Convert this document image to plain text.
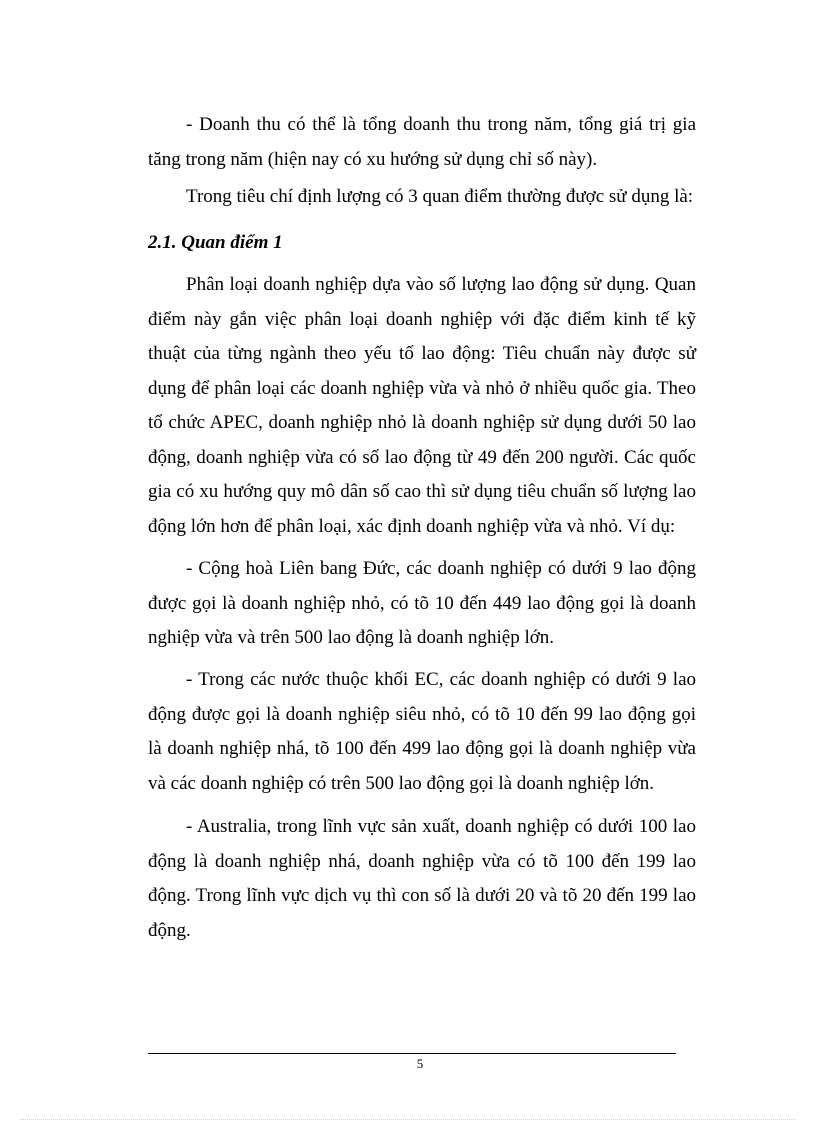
- Doanh thu có thể là tổng doanh thu trong năm, tổng giá trị gia tăng trong năm (hiện nay có xu hướng sử dụng chỉ số này).

Trong tiêu chí định lượng có 3 quan điểm thường được sử dụng là:

2.1. Quan điểm 1

Phân loại doanh nghiệp dựa vào số lượng lao động sử dụng. Quan điểm này gắn việc phân loại doanh nghiệp với đặc điểm kinh tế kỹ thuật của từng ngành theo yếu tố lao động: Tiêu chuẩn này được sử dụng để phân loại các doanh nghiệp vừa và nhỏ ở nhiều quốc gia. Theo tổ chức APEC, doanh nghiệp nhỏ là doanh nghiệp sử dụng dưới 50 lao động, doanh nghiệp vừa có số lao động từ 49 đến 200 người. Các quốc gia có xu hướng quy mô dân số cao thì sử dụng tiêu chuẩn số lượng lao động lớn hơn để phân loại, xác định doanh nghiệp vừa và nhỏ. Ví dụ:

- Cộng hoà Liên bang Đức, các doanh nghiệp có dưới 9 lao động được gọi là doanh nghiệp nhỏ, có tõ 10 đến 449 lao động gọi là doanh nghiệp vừa và trên 500 lao động là doanh nghiệp lớn.

- Trong các nước thuộc khối EC, các doanh nghiệp có dưới 9 lao động được gọi là doanh nghiệp siêu nhỏ, có tõ 10 đến 99 lao động gọi là doanh nghiệp nhá, tõ 100 đến 499 lao động gọi là doanh nghiệp vừa và các doanh nghiệp có trên 500 lao động gọi là doanh nghiệp lớn.

- Australia, trong lĩnh vực sản xuất, doanh nghiệp có dưới 100 lao động là doanh nghiệp nhá, doanh nghiệp vừa có tõ 100 đến 199 lao động. Trong lĩnh vực dịch vụ thì con số là dưới 20 và tõ 20 đến 199 lao động.

5
